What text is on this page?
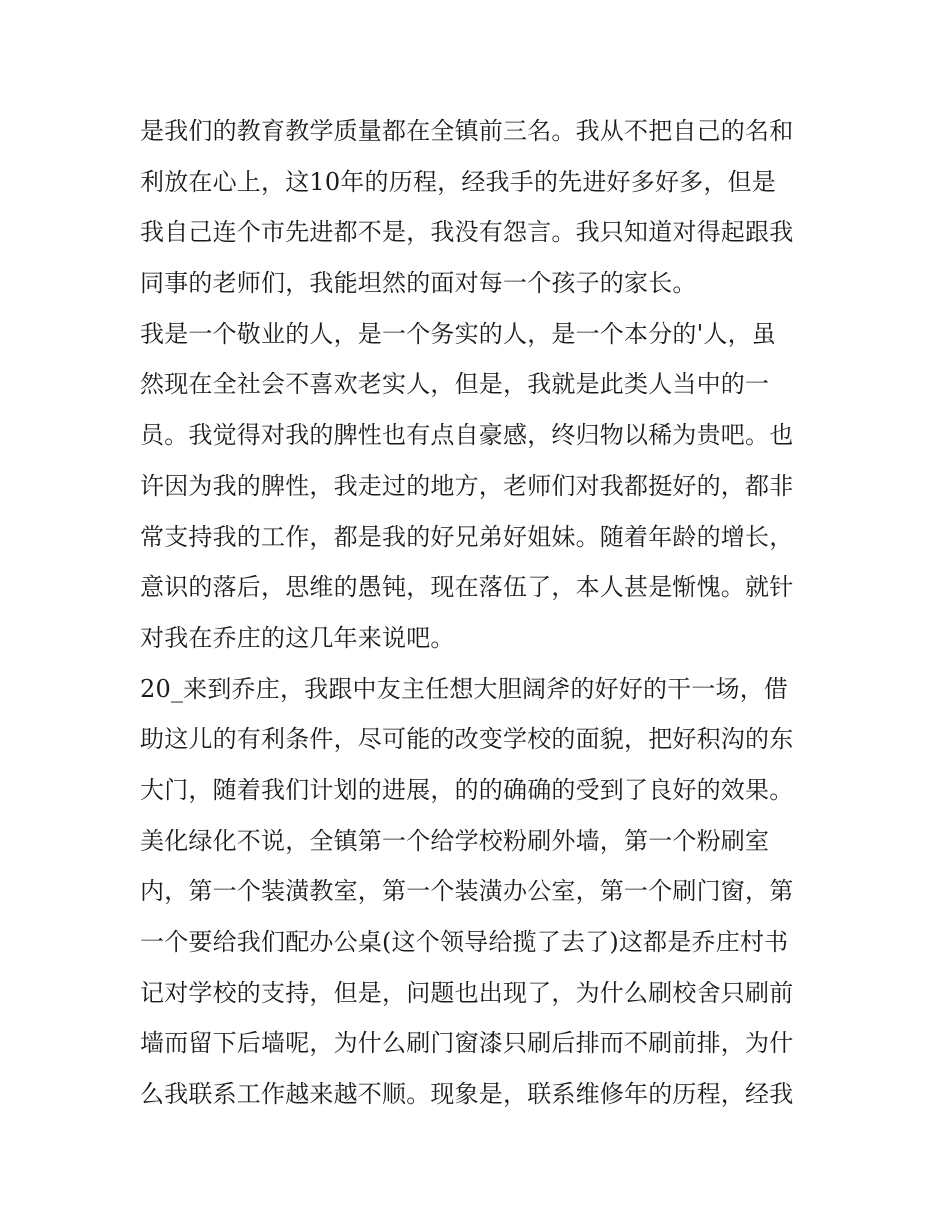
是我们的教育教学质量都在全镇前三名。我从不把自己的名和
利放在心上，这10年的历程，经我手的先进好多好多，但是
我自己连个市先进都不是，我没有怨言。我只知道对得起跟我
同事的老师们，我能坦然的面对每一个孩子的家长。
我是一个敬业的人，是一个务实的人，是一个本分的'人，虽
然现在全社会不喜欢老实人，但是，我就是此类人当中的一
员。我觉得对我的脾性也有点自豪感，终归物以稀为贵吧。也
许因为我的脾性，我走过的地方，老师们对我都挺好的，都非
常支持我的工作，都是我的好兄弟好姐妹。随着年龄的增长，
意识的落后，思维的愚钝，现在落伍了，本人甚是惭愧。就针
对我在乔庄的这几年来说吧。
20_来到乔庄，我跟中友主任想大胆阔斧的好好的干一场，借
助这儿的有利条件，尽可能的改变学校的面貌，把好积沟的东
大门，随着我们计划的进展，的的确确的受到了良好的效果。
美化绿化不说，全镇第一个给学校粉刷外墙，第一个粉刷室
内，第一个装潢教室，第一个装潢办公室，第一个刷门窗，第
一个要给我们配办公桌(这个领导给揽了去了)这都是乔庄村书
记对学校的支持，但是，问题也出现了，为什么刷校舍只刷前
墙而留下后墙呢，为什么刷门窗漆只刷后排而不刷前排，为什
么我联系工作越来越不顺。现象是，联系维修年的历程，经我
